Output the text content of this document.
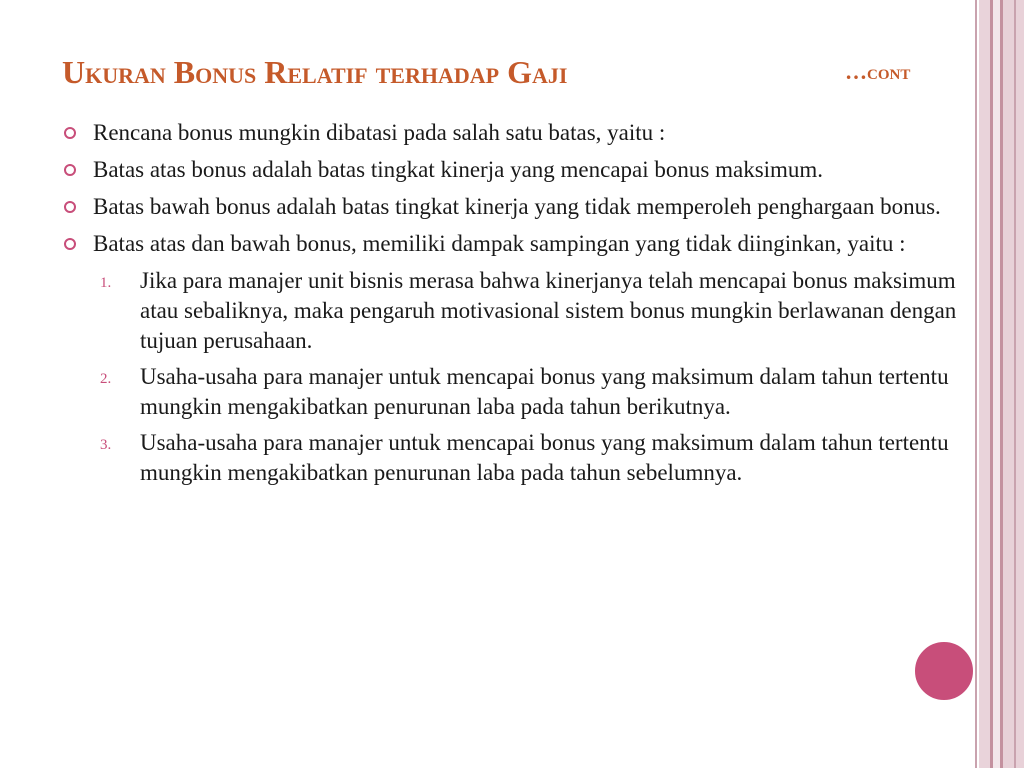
Ukuran Bonus Relatif terhadap Gaji	…cont
Rencana bonus mungkin dibatasi pada salah satu batas, yaitu :
Batas atas bonus adalah batas tingkat kinerja yang mencapai bonus maksimum.
Batas bawah bonus adalah batas tingkat kinerja yang tidak memperoleh penghargaan bonus.
Batas atas dan bawah bonus, memiliki dampak sampingan yang tidak diinginkan, yaitu :
1. Jika para manajer unit bisnis merasa bahwa kinerjanya telah mencapai bonus maksimum atau sebaliknya, maka pengaruh motivasional sistem bonus mungkin berlawanan dengan tujuan perusahaan.
2. Usaha-usaha para manajer untuk mencapai bonus yang maksimum dalam tahun tertentu mungkin mengakibatkan penurunan laba pada tahun berikutnya.
3. Usaha-usaha para manajer untuk mencapai bonus yang maksimum dalam tahun tertentu mungkin mengakibatkan penurunan laba pada tahun sebelumnya.
